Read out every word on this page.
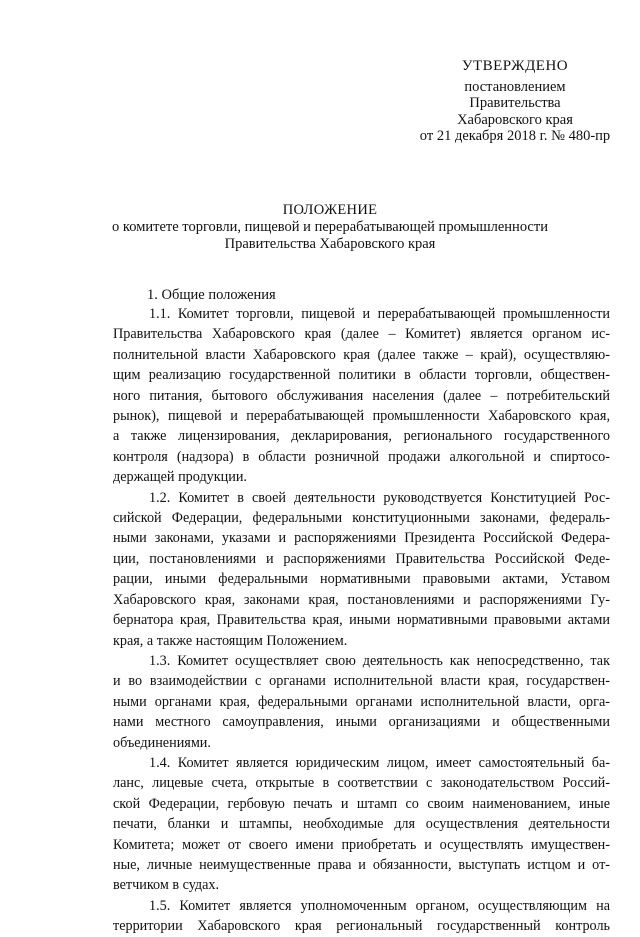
УТВЕРЖДЕНО
постановлением
Правительства
Хабаровского края
от 21 декабря 2018 г. № 480-пр
ПОЛОЖЕНИЕ
о комитете торговли, пищевой и перерабатывающей промышленности
Правительства Хабаровского края
1. Общие положения
1.1. Комитет торговли, пищевой и перерабатывающей промышленности
Правительства Хабаровского края (далее – Комитет) является органом ис-
полнительной власти Хабаровского края (далее также – край), осуществляю-
щим реализацию государственной политики в области торговли, обществен-
ного питания, бытового обслуживания населения (далее – потребительский
рынок), пищевой и перерабатывающей промышленности Хабаровского края,
а также лицензирования, декларирования, регионального государственного
контроля (надзора) в области розничной продажи алкогольной и спиртосо-
держащей продукции.
1.2. Комитет в своей деятельности руководствуется Конституцией Рос-
сийской Федерации, федеральными конституционными законами, федераль-
ными законами, указами и распоряжениями Президента Российской Федера-
ции, постановлениями и распоряжениями Правительства Российской Феде-
рации, иными федеральными нормативными правовыми актами, Уставом
Хабаровского края, законами края, постановлениями и распоряжениями Гу-
бернатора края, Правительства края, иными нормативными правовыми актами
края, а также настоящим Положением.
1.3. Комитет осуществляет свою деятельность как непосредственно, так
и во взаимодействии с органами исполнительной власти края, государствен-
ными органами края, федеральными органами исполнительной власти, орга-
нами местного самоуправления, иными организациями и общественными
объединениями.
1.4. Комитет является юридическим лицом, имеет самостоятельный ба-
ланс, лицевые счета, открытые в соответствии с законодательством Россий-
ской Федерации, гербовую печать и штамп со своим наименованием, иные
печати, бланки и штампы, необходимые для осуществления деятельности
Комитета; может от своего имени приобретать и осуществлять имуществен-
ные, личные неимущественные права и обязанности, выступать истцом и от-
ветчиком в судах.
1.5. Комитет является уполномоченным органом, осуществляющим на
территории Хабаровского края региональный государственный контроль
